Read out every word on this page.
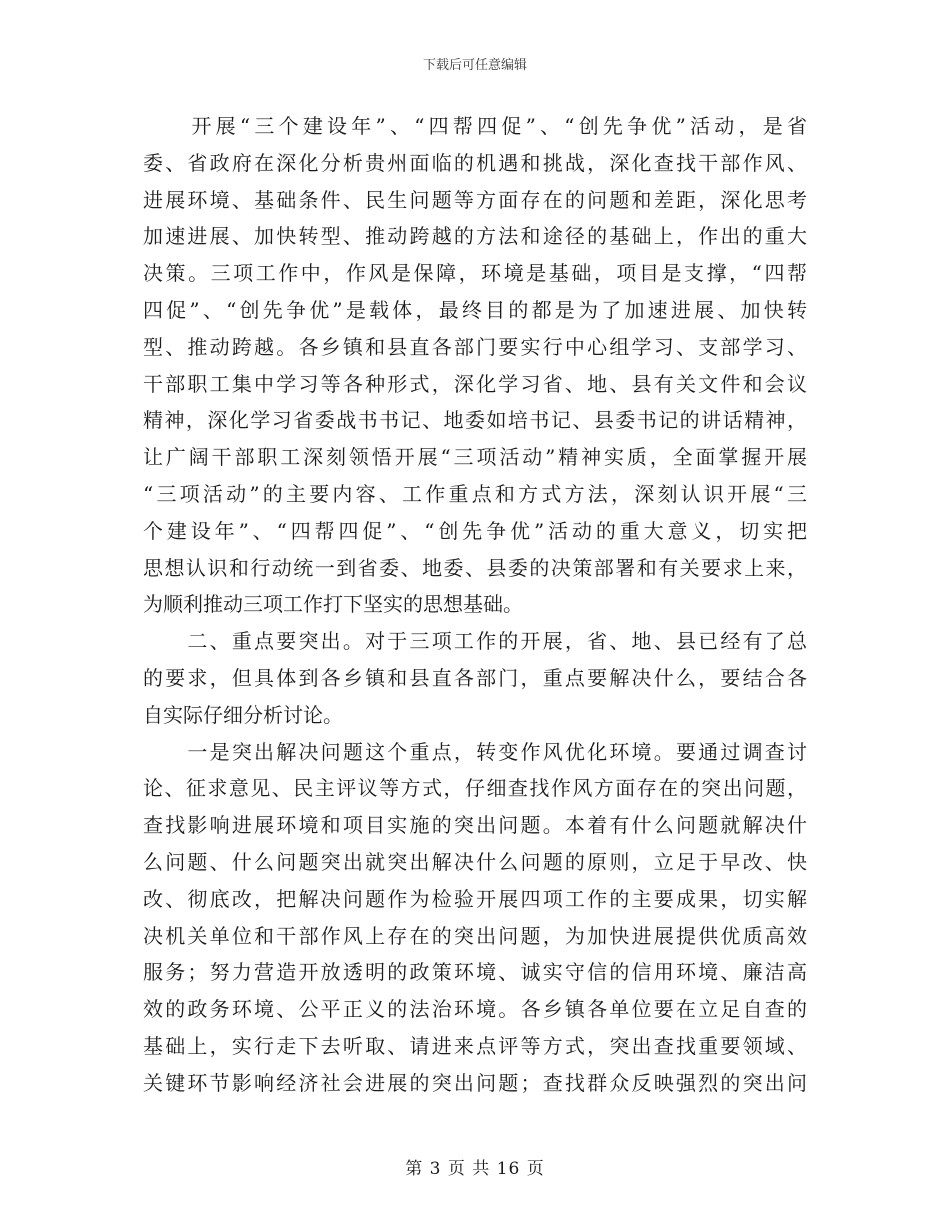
下载后可任意编辑
　　开展“三个建设年”、“四帮四促”、“创先争优”活动，是省
委、省政府在深化分析贵州面临的机遇和挑战，深化查找干部作风、
进展环境、基础条件、民生问题等方面存在的问题和差距，深化思考
加速进展、加快转型、推动跨越的方法和途径的基础上，作出的重大
决策。三项工作中，作风是保障，环境是基础，项目是支撑，“四帮
四促”、“创先争优”是载体，最终目的都是为了加速进展、加快转
型、推动跨越。各乡镇和县直各部门要实行中心组学习、支部学习、
干部职工集中学习等各种形式，深化学习省、地、县有关文件和会议
精神，深化学习省委战书书记、地委如培书记、县委书记的讲话精神，
让广阔干部职工深刻领悟开展“三项活动”精神实质，全面掌握开展
“三项活动”的主要内容、工作重点和方式方法，深刻认识开展“三
个建设年”、“四帮四促”、“创先争优”活动的重大意义，切实把
思想认识和行动统一到省委、地委、县委的决策部署和有关要求上来，
为顺利推动三项工作打下坚实的思想基础。
　　二、重点要突出。对于三项工作的开展，省、地、县已经有了总
的要求，但具体到各乡镇和县直各部门，重点要解决什么，要结合各
自实际仔细分析讨论。
　　一是突出解决问题这个重点，转变作风优化环境。要通过调查讨
论、征求意见、民主评议等方式，仔细查找作风方面存在的突出问题，
查找影响进展环境和项目实施的突出问题。本着有什么问题就解决什
么问题、什么问题突出就突出解决什么问题的原则，立足于早改、快
改、彻底改，把解决问题作为检验开展四项工作的主要成果，切实解
决机关单位和干部作风上存在的突出问题，为加快进展提供优质高效
服务；努力营造开放透明的政策环境、诚实守信的信用环境、廉洁高
效的政务环境、公平正义的法治环境。各乡镇各单位要在立足自查的
基础上，实行走下去听取、请进来点评等方式，突出查找重要领域、
关键环节影响经济社会进展的突出问题；查找群众反映强烈的突出问
第 3 页 共 16 页
